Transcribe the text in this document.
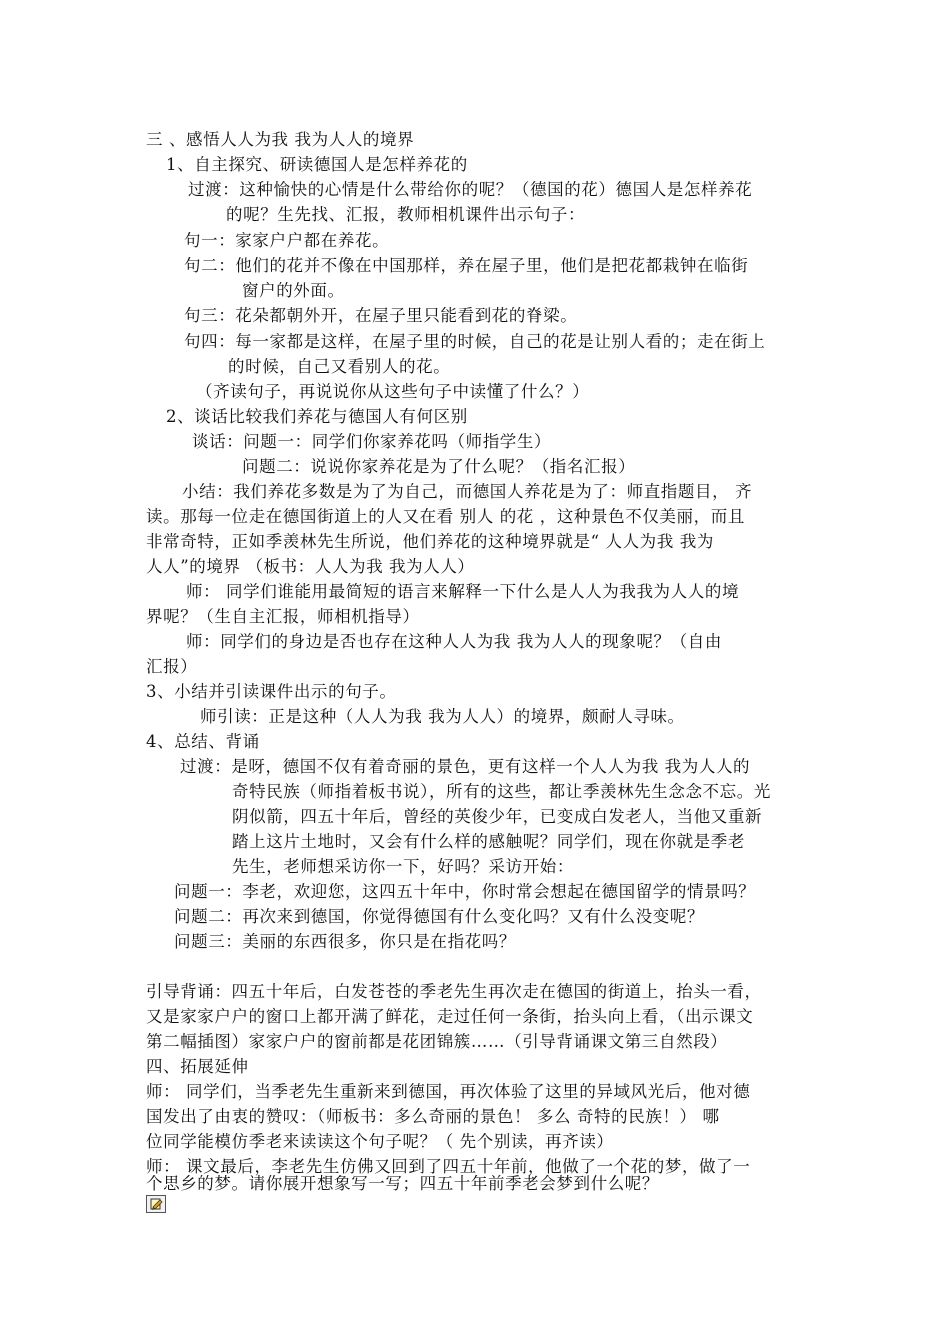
三 、感悟人人为我 我为人人的境界
1、自主探究、研读德国人是怎样养花的
过渡：这种愉快的心情是什么带给你的呢？（德国的花）德国人是怎样养花
的呢？生先找、汇报，教师相机课件出示句子：
句一：家家户户都在养花。
句二：他们的花并不像在中国那样，养在屋子里，他们是把花都栽钟在临街
窗户的外面。
句三：花朵都朝外开，在屋子里只能看到花的脊梁。
句四：每一家都是这样，在屋子里的时候，自己的花是让别人看的；走在街上
的时候，自己又看别人的花。
（齐读句子，再说说你从这些句子中读懂了什么？）
2、谈话比较我们养花与德国人有何区别
谈话：问题一：同学们你家养花吗（师指学生）
问题二：说说你家养花是为了什么呢？（指名汇报）
小结：我们养花多数是为了为自己，而德国人养花是为了：师直指题目， 齐
读。那每一位走在德国街道上的人又在看 别人 的花 ，这种景色不仅美丽，而且
非常奇特，正如季羡林先生所说，他们养花的这种境界就是“ 人人为我 我为
人人”的境界 （板书：人人为我 我为人人）
师： 同学们谁能用最简短的语言来解释一下什么是人人为我我为人人的境
界呢？（生自主汇报，师相机指导）
师：同学们的身边是否也存在这种人人为我 我为人人的现象呢？（自由
汇报）
3、小结并引读课件出示的句子。
师引读：正是这种（人人为我 我为人人）的境界，颇耐人寻味。
4、总结、背诵
过渡：是呀，德国不仅有着奇丽的景色，更有这样一个人人为我 我为人人的
奇特民族（师指着板书说），所有的这些，都让季羡林先生念念不忘。光
阴似箭，四五十年后，曾经的英俊少年，已变成白发老人，当他又重新
踏上这片土地时，又会有什么样的感触呢？同学们，现在你就是季老
先生，老师想采访你一下，好吗？采访开始：
问题一：李老，欢迎您，这四五十年中，你时常会想起在德国留学的情景吗？
问题二：再次来到德国，你觉得德国有什么变化吗？又有什么没变呢？
问题三：美丽的东西很多，你只是在指花吗？
引导背诵：四五十年后，白发苍苍的季老先生再次走在德国的街道上，抬头一看，
又是家家户户的窗口上都开满了鲜花，走过任何一条街，抬头向上看，（出示课文
第二幅插图）家家户户的窗前都是花团锦簇……（引导背诵课文第三自然段）
四、拓展延伸
师： 同学们，当季老先生重新来到德国，再次体验了这里的异域风光后，他对德
国发出了由衷的赞叹：（师板书：多么奇丽的景色！ 多么 奇特的民族！） 哪
位同学能模仿季老来读读这个句子呢？（ 先个别读，再齐读）
师： 课文最后，李老先生仿佛又回到了四五十年前，他做了一个花的梦，做了一
个思乡的梦。请你展开想象写一写；四五十年前季老会梦到什么呢？
